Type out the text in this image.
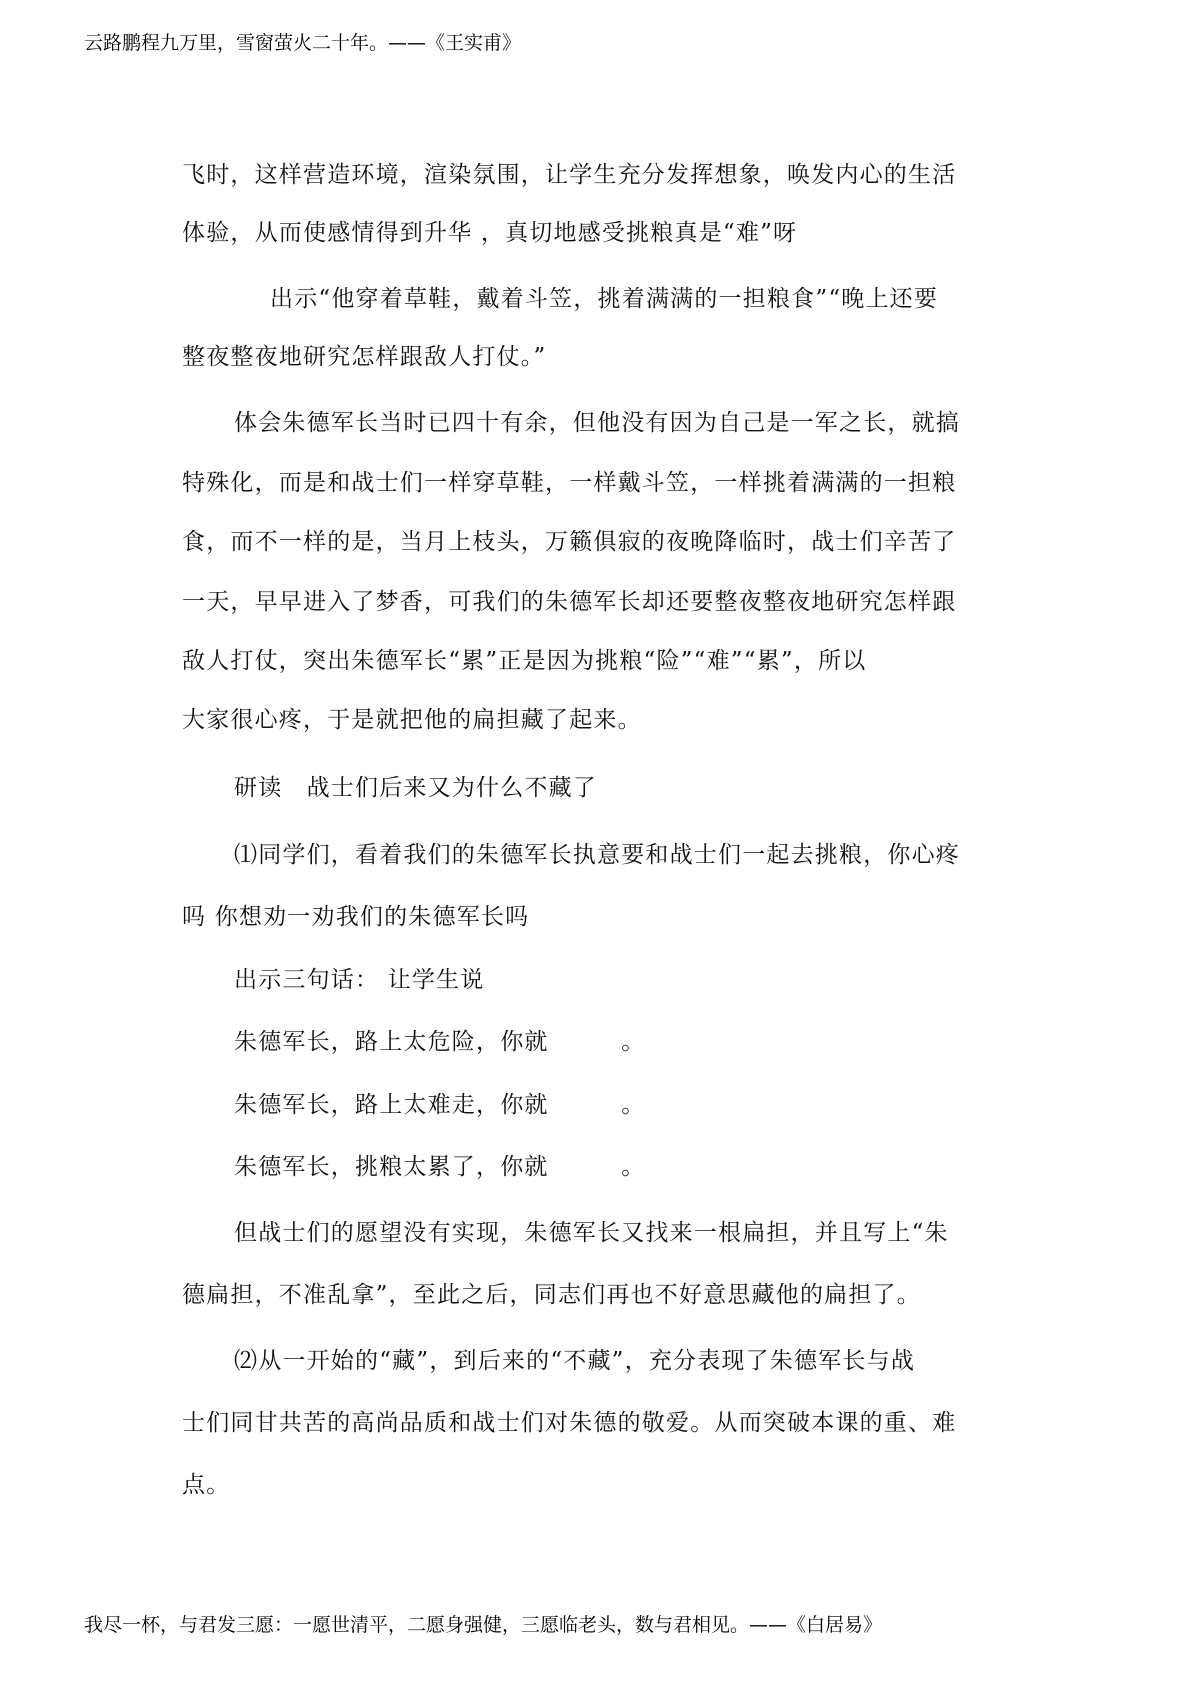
云路鹏程九万里，雪窗萤火二十年。——《王实甫》
飞时，这样营造环境，渲染氛围，让学生充分发挥想象，唤发内心的生活
体验，从而使感情得到升华 ，真切地感受挑粮真是“难”呀
出示“他穿着草鞋，戴着斗笠，挑着满满的一担粮食”“晚上还要
整夜整夜地研究怎样跟敌人打仗。”
体会朱德军长当时已四十有余，但他没有因为自己是一军之长，就搞
特殊化，而是和战士们一样穿草鞋，一样戴斗笠，一样挑着满满的一担粮
食，而不一样的是，当月上枝头，万籁俱寂的夜晚降临时，战士们辛苦了
一天，早早进入了梦香，可我们的朱德军长却还要整夜整夜地研究怎样跟
敌人打仗，突出朱德军长“累”正是因为挑粮“险”“难”“累”，所以
大家很心疼，于是就把他的扁担藏了起来。
研读　战士们后来又为什么不藏了
⑴同学们，看着我们的朱德军长执意要和战士们一起去挑粮，你心疼
吗 你想劝一劝我们的朱德军长吗
出示三句话： 让学生说
朱德军长，路上太危险，你就　　　。
朱德军长，路上太难走，你就　　　。
朱德军长，挑粮太累了，你就　　　。
但战士们的愿望没有实现，朱德军长又找来一根扁担，并且写上“朱
德扁担，不准乱拿”，至此之后，同志们再也不好意思藏他的扁担了。
⑵从一开始的“藏”，到后来的“不藏”，充分表现了朱德军长与战
士们同甘共苦的高尚品质和战士们对朱德的敬爱。从而突破本课的重、难
点。
我尽一杯，与君发三愿：一愿世清平，二愿身强健，三愿临老头，数与君相见。——《白居易》
